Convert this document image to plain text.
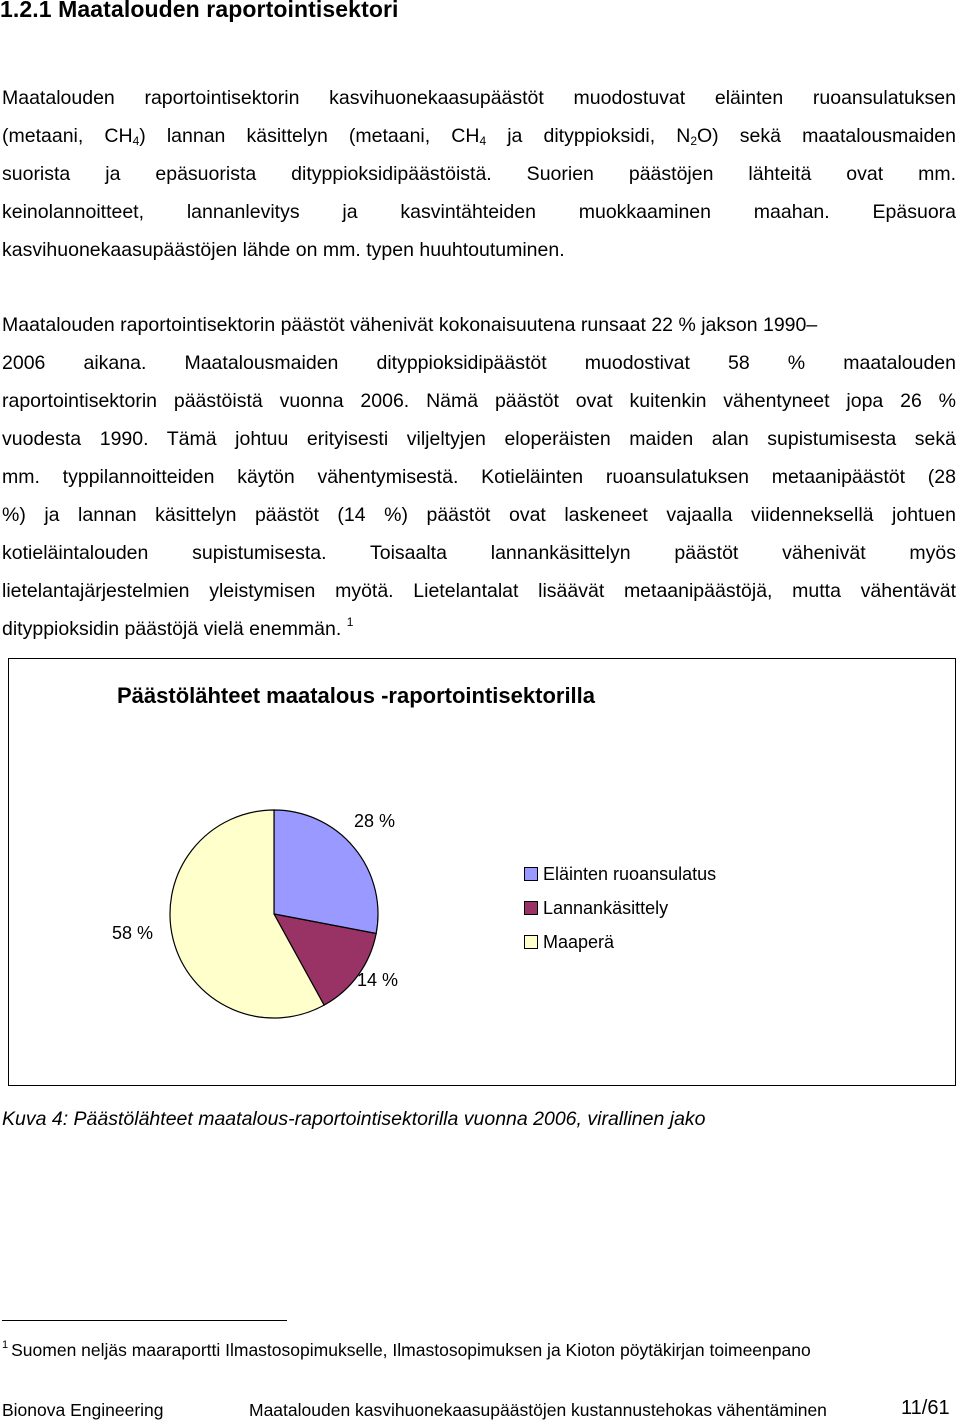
1.2.1 Maatalouden raportointisektori
Maatalouden raportointisektorin kasvihuonekaasupäästöt muodostuvat eläinten ruoansulatuksen
(metaani, $CH_4$) lannan käsittelyn (metaani, $CH_4$ ja dityppioksidi, $N_2O$) sekä maatalousmaiden
suorista ja epäsuorista dityppioksidipäästöistä. Suorien päästöjen lähteitä ovat mm.
keinolannoitteet, lannanlevitys ja kasvintähteiden muokkaaminen maahan. Epäsuora
kasvihuonekaasupäästöjen lähde on mm. typen huuhtoutuminen.
Maatalouden raportointisektorin päästöt vähenivät kokonaisuutena runsaat 22 % jakson 1990–
2006 aikana. Maatalousmaiden dityppioksidipäästöt muodostivat 58 % maatalouden
raportointisektorin päästöistä vuonna 2006. Nämä päästöt ovat kuitenkin vähentyneet jopa 26 %
vuodesta 1990. Tämä johtuu erityisesti viljeltyjen eloperäisten maiden alan supistumisesta sekä
mm. typpilannoitteiden käytön vähentymisestä. Kotieläinten ruoansulatuksen metaanipäästöt (28
%) ja lannan käsittelyn päästöt (14 %) päästöt ovat laskeneet vajaalla viidenneksellä johtuen
kotieläintalouden supistumisesta. Toisaalta lannankäsittelyn päästöt vähenivät myös
lietelantajärjestelmien yleistymisen myötä. Lietelantalat lisäävät metaanipäästöjä, mutta vähentävät
dityppioksidin päästöjä vielä enemmän. $^1$
Päästölähteet maatalous -raportointisektorilla
28 %
14 %
58 %
Eläinten ruoansulatus
Lannankäsittely
Maaperä
Kuva 4: Päästölähteet maatalous-raportointisektorilla vuonna 2006, virallinen jako
$^1$ Suomen neljäs maaraportti Ilmastosopimukselle, Ilmastosopimuksen ja Kioton pöytäkirjan toimeenpano
Bionova Engineering	Maatalouden kasvihuonekaasupäästöjen kustannustehokas vähentäminen	11/61
